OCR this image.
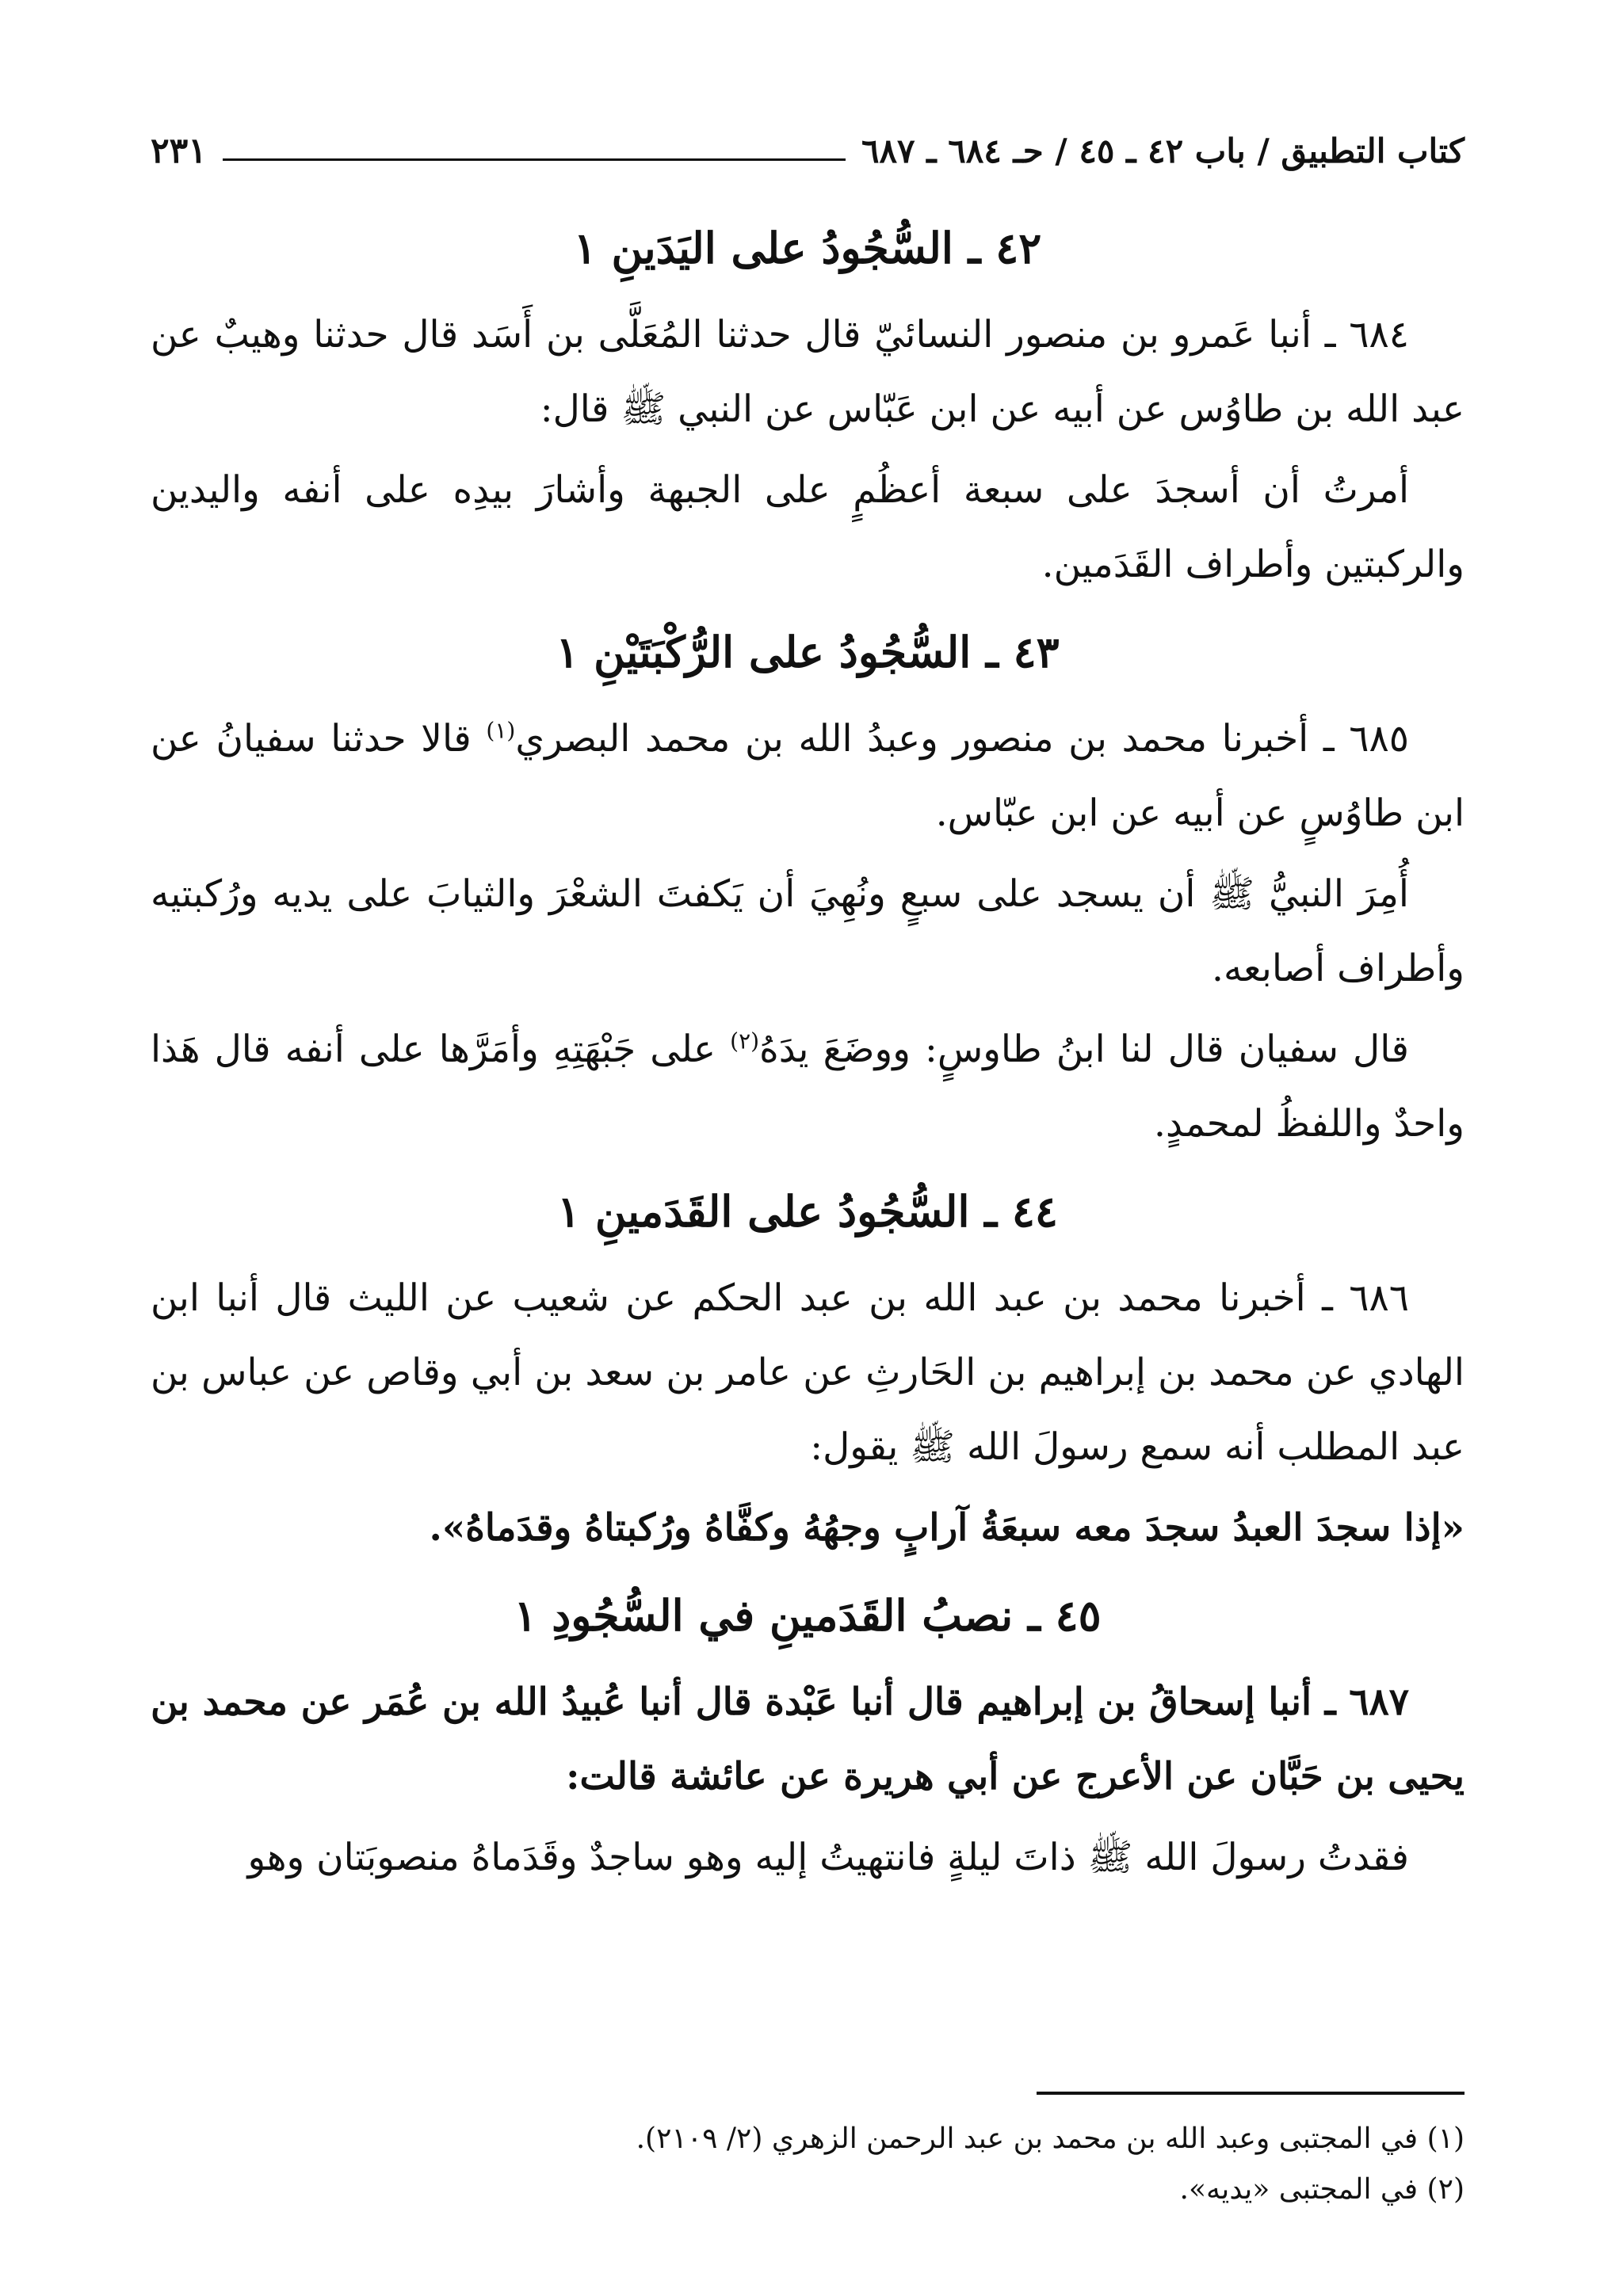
كتاب التطبيق / باب ٤٢ ـ ٤٥ / حـ ٦٨٤ ـ ٦٨٧
٢٣١
٤٢ ـ السُّجُودُ على اليَدَينِ ١

٦٨٤ ـ أنبا عَمرو بن منصور النسائيّ قال حدثنا المُعَلَّى بن أَسَد قال حدثنا وهيبٌ عن عبد الله بن طاوُس عن أبيه عن ابن عَبّاس عن النبي ﷺ قال:

أمرتُ أن أسجدَ على سبعة أعظُمٍ على الجبهة وأشارَ بيدِه على أنفه واليدين والركبتين وأطراف القَدَمين.

٤٣ ـ السُّجُودُ على الرُّكْبَتَيْنِ ١

٦٨٥ ـ أخبرنا محمد بن منصور وعبدُ الله بن محمد البصري$^{(١)}$ قالا حدثنا سفيانُ عن ابن طاوُسٍ عن أبيه عن ابن عبّاس.

أُمِرَ النبيُّ ﷺ أن يسجد على سبعٍ ونُهِيَ أن يَكفتَ الشعْرَ والثيابَ على يديه ورُكبتيه وأطراف أصابعه.

قال سفيان قال لنا ابنُ طاوسٍ: ووضَعَ يدَهُ$^{(٢)}$ على جَبْهَتِهِ وأمَرَّها على أنفه قال هَذا واحدٌ واللفظُ لمحمدٍ.

٤٤ ـ السُّجُودُ على القَدَمينِ ١

٦٨٦ ـ أخبرنا محمد بن عبد الله بن عبد الحكم عن شعيب عن الليث قال أنبا ابن الهادي عن محمد بن إبراهيم بن الحَارثِ عن عامر بن سعد بن أبي وقاص عن عباس بن عبد المطلب أنه سمع رسولَ الله ﷺ يقول:

«إذا سجدَ العبدُ سجدَ معه سبعَةُ آرابٍ وجهُهُ وكفَّاهُ ورُكبتاهُ وقدَماهُ».

٤٥ ـ نصبُ القَدَمينِ في السُّجُودِ ١

٦٨٧ ـ أنبا إسحاقُ بن إبراهيم قال أنبا عَبْدة قال أنبا عُبيدُ الله بن عُمَر عن محمد بن يحيى بن حَبَّان عن الأعرج عن أبي هريرة عن عائشة قالت:

فقدتُ رسولَ الله ﷺ ذاتَ ليلةٍ فانتهيتُ إليه وهو ساجدٌ وقَدَماهُ منصوبَتان وهو

(١) في المجتبى وعبد الله بن محمد بن عبد الرحمن الزهري (٢/ ٢١٠٩).
(٢) في المجتبى «يديه».
